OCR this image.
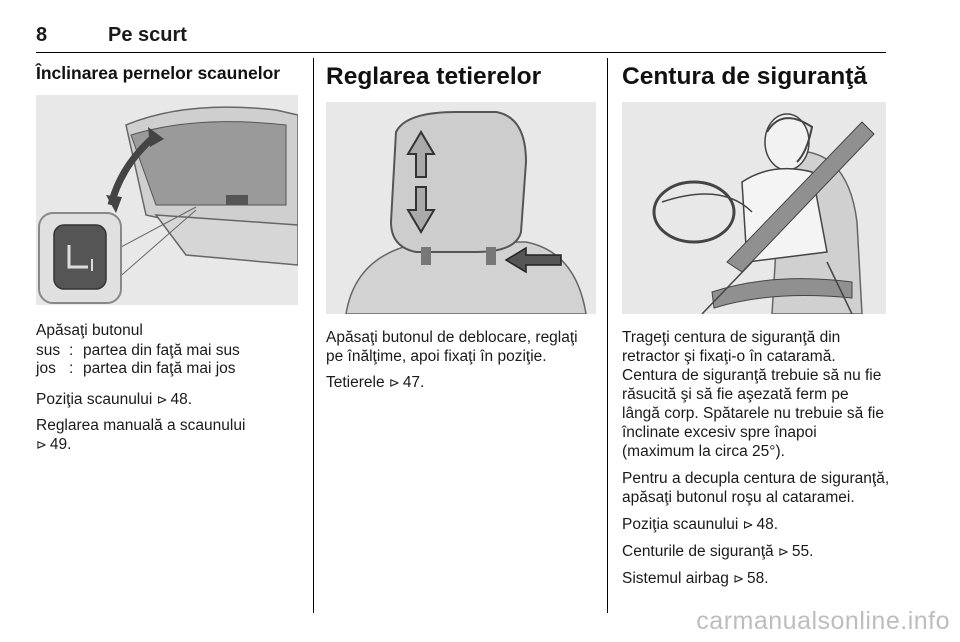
8	Pe scurt
Înclinarea pernelor scaunelor

Apăsaţi butonul

sus : partea din faţă mai sus
jos : partea din faţă mai jos

Poziţia scaunului ⊳ 48.

Reglarea manuală a scaunului
⊳ 49.

Reglarea tetierelor

Apăsaţi butonul de deblocare, reglaţi pe înălţime, apoi fixaţi în poziţie.

Tetierele ⊳ 47.

Centura de siguranţă

Trageţi centura de siguranţă din retractor şi fixaţi-o în cataramă. Centura de siguranţă trebuie să nu fie răsucită şi să fie aşezată ferm pe lângă corp. Spătarele nu trebuie să fie înclinate excesiv spre înapoi (maximum la circa 25°).

Pentru a decupla centura de siguranţă, apăsaţi butonul roşu al cataramei.

Poziţia scaunului ⊳ 48.

Centurile de siguranţă ⊳ 55.

Sistemul airbag ⊳ 58.

carmanualsonline.info
